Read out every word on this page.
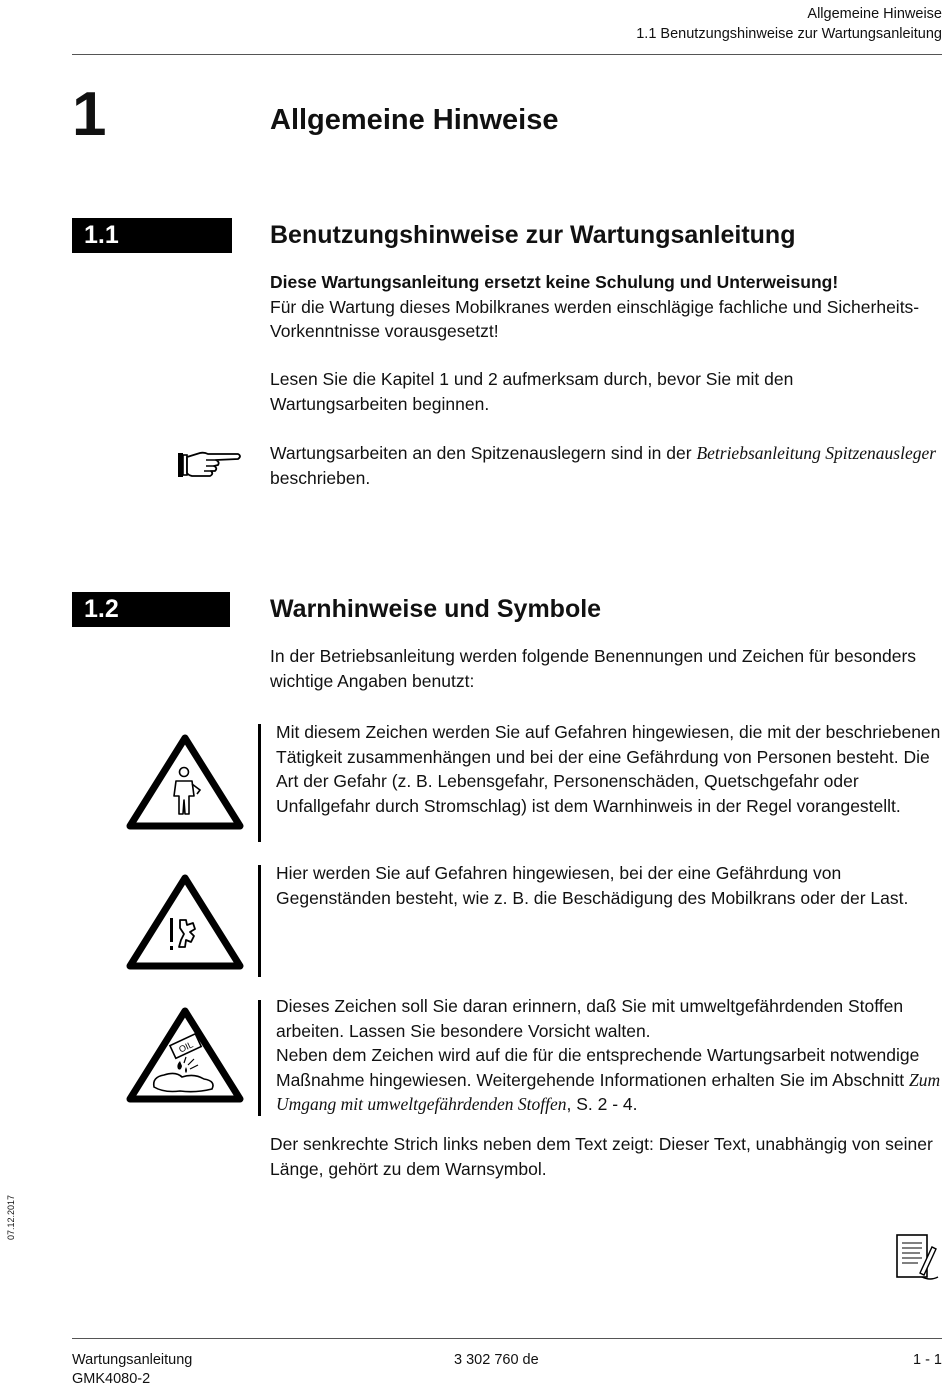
Allgemeine Hinweise
1.1 Benutzungshinweise zur Wartungsanleitung
1	Allgemeine Hinweise
1.1	Benutzungshinweise zur Wartungsanleitung

Diese Wartungsanleitung ersetzt keine Schulung und Unterweisung!

Für die Wartung dieses Mobilkranes werden einschlägige fachliche und Sicherheits-Vorkenntnisse vorausgesetzt!

Lesen Sie die Kapitel 1 und 2 aufmerksam durch, bevor Sie mit den Wartungsarbeiten beginnen.
Wartungsarbeiten an den Spitzenauslegern sind in der Betriebsanleitung Spitzenausleger beschrieben.
1.2	Warnhinweise und Symbole
In der Betriebsanleitung werden folgende Benennungen und Zeichen für besonders wichtige Angaben benutzt:
Mit diesem Zeichen werden Sie auf Gefahren hingewiesen, die mit der beschriebenen Tätigkeit zusammenhängen und bei der eine Gefährdung von Personen besteht. Die Art der Gefahr (z. B. Lebensgefahr, Personenschäden, Quetschgefahr oder Unfallgefahr durch Stromschlag) ist dem Warnhinweis in der Regel vorangestellt.
Hier werden Sie auf Gefahren hingewiesen, bei der eine Gefährdung von Gegenständen besteht, wie z. B. die Beschädigung des Mobilkrans oder der Last.
OIL

Dieses Zeichen soll Sie daran erinnern, daß Sie mit umweltgefährdenden Stoffen arbeiten. Lassen Sie besondere Vorsicht walten.

Neben dem Zeichen wird auf die für die entsprechende Wartungsarbeit notwendige Maßnahme hingewiesen. Weitergehende Informationen erhalten Sie im Abschnitt Zum Umgang mit umweltgefährdenden Stoffen, S. 2 - 4.

Der senkrechte Strich links neben dem Text zeigt: Dieser Text, unabhängig von seiner Länge, gehört zu dem Warnsymbol.
07.12.2017
Wartungsanleitung
GMK4080-2
3 302 760 de	1 - 1
